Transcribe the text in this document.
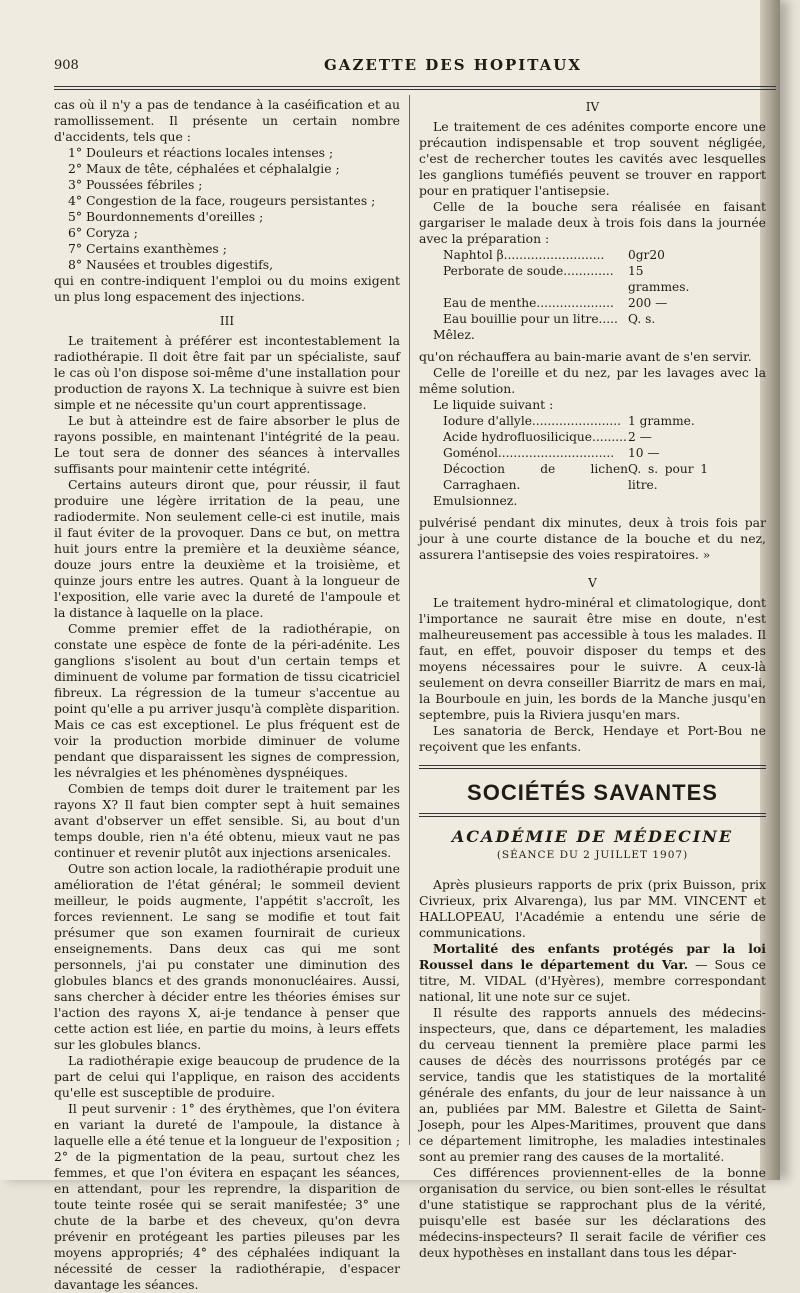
908	GAZETTE DES HOPITAUX

cas où il n'y a pas de tendance à la caséification et au ramollissement. Il présente un certain nombre d'accidents, tels que :

1° Douleurs et réactions locales intenses ;
2° Maux de tête, céphalées et céphalalgie ;
3° Poussées fébriles ;
4° Congestion de la face, rougeurs persistantes ;
5° Bourdonnements d'oreilles ;
6° Coryza ;
7° Certains exanthèmes ;
8° Nausées et troubles digestifs,

qui en contre-indiquent l'emploi ou du moins exigent un plus long espacement des injections.

III

Le traitement à préférer est incontestablement la radiothérapie. Il doit être fait par un spécialiste, sauf le cas où l'on dispose soi-même d'une installation pour production de rayons X. La technique à suivre est bien simple et ne nécessite qu'un court apprentissage.

Le but à atteindre est de faire absorber le plus de rayons possible, en maintenant l'intégrité de la peau. Le tout sera de donner des séances à intervalles suffisants pour maintenir cette intégrité.

Certains auteurs diront que, pour réussir, il faut produire une légère irritation de la peau, une radiodermite. Non seulement celle-ci est inutile, mais il faut éviter de la provoquer. Dans ce but, on mettra huit jours entre la première et la deuxième séance, douze jours entre la deuxième et la troisième, et quinze jours entre les autres. Quant à la longueur de l'exposition, elle varie avec la dureté de l'ampoule et la distance à laquelle on la place.

Comme premier effet de la radiothérapie, on constate une espèce de fonte de la péri-adénite. Les ganglions s'isolent au bout d'un certain temps et diminuent de volume par formation de tissu cicatriciel fibreux. La régression de la tumeur s'accentue au point qu'elle a pu arriver jusqu'à complète disparition. Mais ce cas est exceptionel. Le plus fréquent est de voir la production morbide diminuer de volume pendant que disparaissent les signes de compression, les névralgies et les phénomènes dyspnéiques.

Combien de temps doit durer le traitement par les rayons X? Il faut bien compter sept à huit semaines avant d'observer un effet sensible. Si, au bout d'un temps double, rien n'a été obtenu, mieux vaut ne pas continuer et revenir plutôt aux injections arsenicales.

Outre son action locale, la radiothérapie produit une amélioration de l'état général; le sommeil devient meilleur, le poids augmente, l'appétit s'accroît, les forces reviennent. Le sang se modifie et tout fait présumer que son examen fournirait de curieux enseignements. Dans deux cas qui me sont personnels, j'ai pu constater une diminution des globules blancs et des grands mononucléaires. Aussi, sans chercher à décider entre les théories émises sur l'action des rayons X, ai-je tendance à penser que cette action est liée, en partie du moins, à leurs effets sur les globules blancs.

La radiothérapie exige beaucoup de prudence de la part de celui qui l'applique, en raison des accidents qu'elle est susceptible de produire.

Il peut survenir : 1° des érythèmes, que l'on évitera en variant la dureté de l'ampoule, la distance à laquelle elle a été tenue et la longueur de l'exposition ; 2° de la pigmentation de la peau, surtout chez les femmes, et que l'on évitera en espaçant les séances, en attendant, pour les reprendre, la disparition de toute teinte rosée qui se serait manifestée; 3° une chute de la barbe et des cheveux, qu'on devra prévenir en protégeant les parties pileuses par les moyens appropriés; 4° des céphalées indiquant la nécessité de cesser la radiothérapie, d'espacer davantage les séances.

IV

Le traitement de ces adénites comporte encore une précaution indispensable et trop souvent négligée, c'est de rechercher toutes les cavités avec lesquelles les ganglions tuméfiés peuvent se trouver en rapport pour en pratiquer l'antisepsie.

Celle de la bouche sera réalisée en faisant gargariser le malade deux à trois fois dans la journée avec la préparation :

Naphtol β..........................	0gr20
Perborate de soude.............	15 grammes.
Eau de menthe....................	200 —
Eau bouillie pour un litre.....	Q. s.

Mêlez.

qu'on réchauffera au bain-marie avant de s'en servir.

Celle de l'oreille et du nez, par les lavages avec la même solution.

Le liquide suivant :

Iodure d'allyle.......................	1 gramme.
Acide hydrofluosilicique.........	2 —
Goménol..............................	10 —
Décoction de lichen Carraghaen.	Q. s. pour 1 litre.

Emulsionnez.

pulvérisé pendant dix minutes, deux à trois fois par jour à une courte distance de la bouche et du nez, assurera l'antisepsie des voies respiratoires. »

V

Le traitement hydro-minéral et climatologique, dont l'importance ne saurait être mise en doute, n'est malheureusement pas accessible à tous les malades. Il faut, en effet, pouvoir disposer du temps et des moyens nécessaires pour le suivre. A ceux-là seulement on devra conseiller Biarritz de mars en mai, la Bourboule en juin, les bords de la Manche jusqu'en septembre, puis la Riviera jusqu'en mars.

Les sanatoria de Berck, Hendaye et Port-Bou ne reçoivent que les enfants.

SOCIÉTÉS SAVANTES
ACADÉMIE DE MÉDECINE
(SÉANCE DU 2 JUILLET 1907)

Après plusieurs rapports de prix (prix Buisson, prix Civrieux, prix Alvarenga), lus par MM. VINCENT et HALLOPEAU, l'Académie a entendu une série de communications.

Mortalité des enfants protégés par la loi Roussel dans le département du Var. — Sous ce titre, M. VIDAL (d'Hyères), membre correspondant national, lit une note sur ce sujet.

Il résulte des rapports annuels des médecins-inspecteurs, que, dans ce département, les maladies du cerveau tiennent la première place parmi les causes de décès des nourrissons protégés par ce service, tandis que les statistiques de la mortalité générale des enfants, du jour de leur naissance à un an, publiées par MM. Balestre et Giletta de Saint-Joseph, pour les Alpes-Maritimes, prouvent que dans ce département limitrophe, les maladies intestinales sont au premier rang des causes de la mortalité.

Ces différences proviennent-elles de la bonne organisation du service, ou bien sont-elles le résultat d'une statistique se rapprochant plus de la vérité, puisqu'elle est basée sur les déclarations des médecins-inspecteurs? Il serait facile de vérifier ces deux hypothèses en installant dans tous les dépar-
